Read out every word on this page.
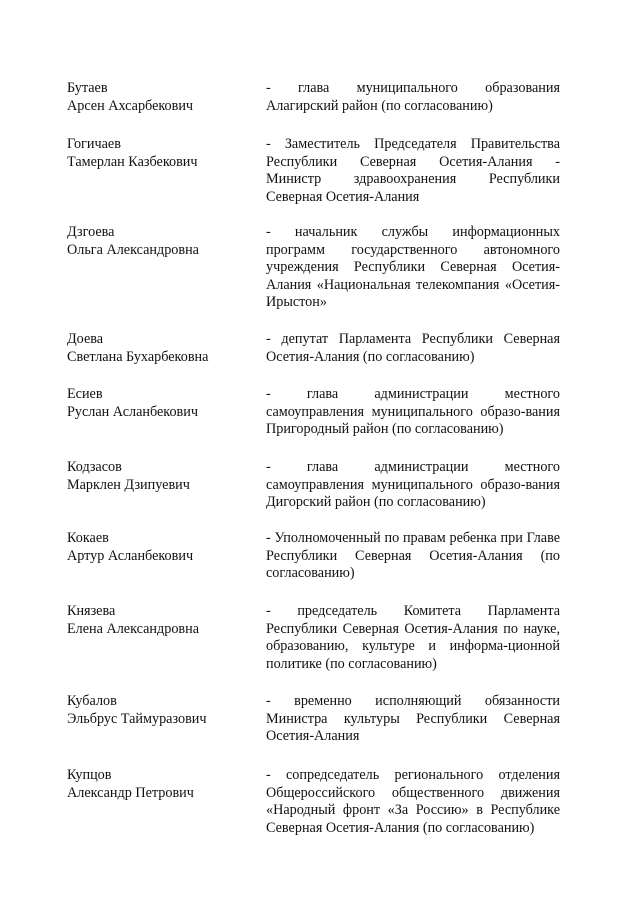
Бутаев
Арсен Ахсарбекович
- глава муниципального образования Алагирский район (по согласованию)
Гогичаев
Тамерлан Казбекович
- Заместитель Председателя Правительства Республики Северная Осетия-Алания - Министр здравоохранения Республики Северная Осетия-Алания
Дзгоева
Ольга Александровна
- начальник службы информационных программ государственного автономного учреждения Республики Северная Осетия-Алания «Национальная телекомпания «Осетия-Ирыстон»
Доева
Светлана Бухарбековна
- депутат Парламента Республики Северная Осетия-Алания (по согласованию)
Есиев
Руслан Асланбекович
- глава администрации местного самоуправления муниципального образо-вания Пригородный район (по согласованию)
Кодзасов
Марклен Дзипуевич
- глава администрации местного самоуправления муниципального образо-вания Дигорский район (по согласованию)
Кокаев
Артур Асланбекович
- Уполномоченный по правам ребенка при Главе Республики Северная Осетия-Алания (по согласованию)
Князева
Елена Александровна
- председатель Комитета Парламента Республики Северная Осетия-Алания по науке, образованию, культуре и информа-ционной политике (по согласованию)
Кубалов
Эльбрус Таймуразович
- временно исполняющий обязанности Министра культуры Республики Северная Осетия-Алания
Купцов
Александр Петрович
- сопредседатель регионального отделения Общероссийского общественного движения «Народный фронт «За Россию» в Республике Северная Осетия-Алания (по согласованию)
